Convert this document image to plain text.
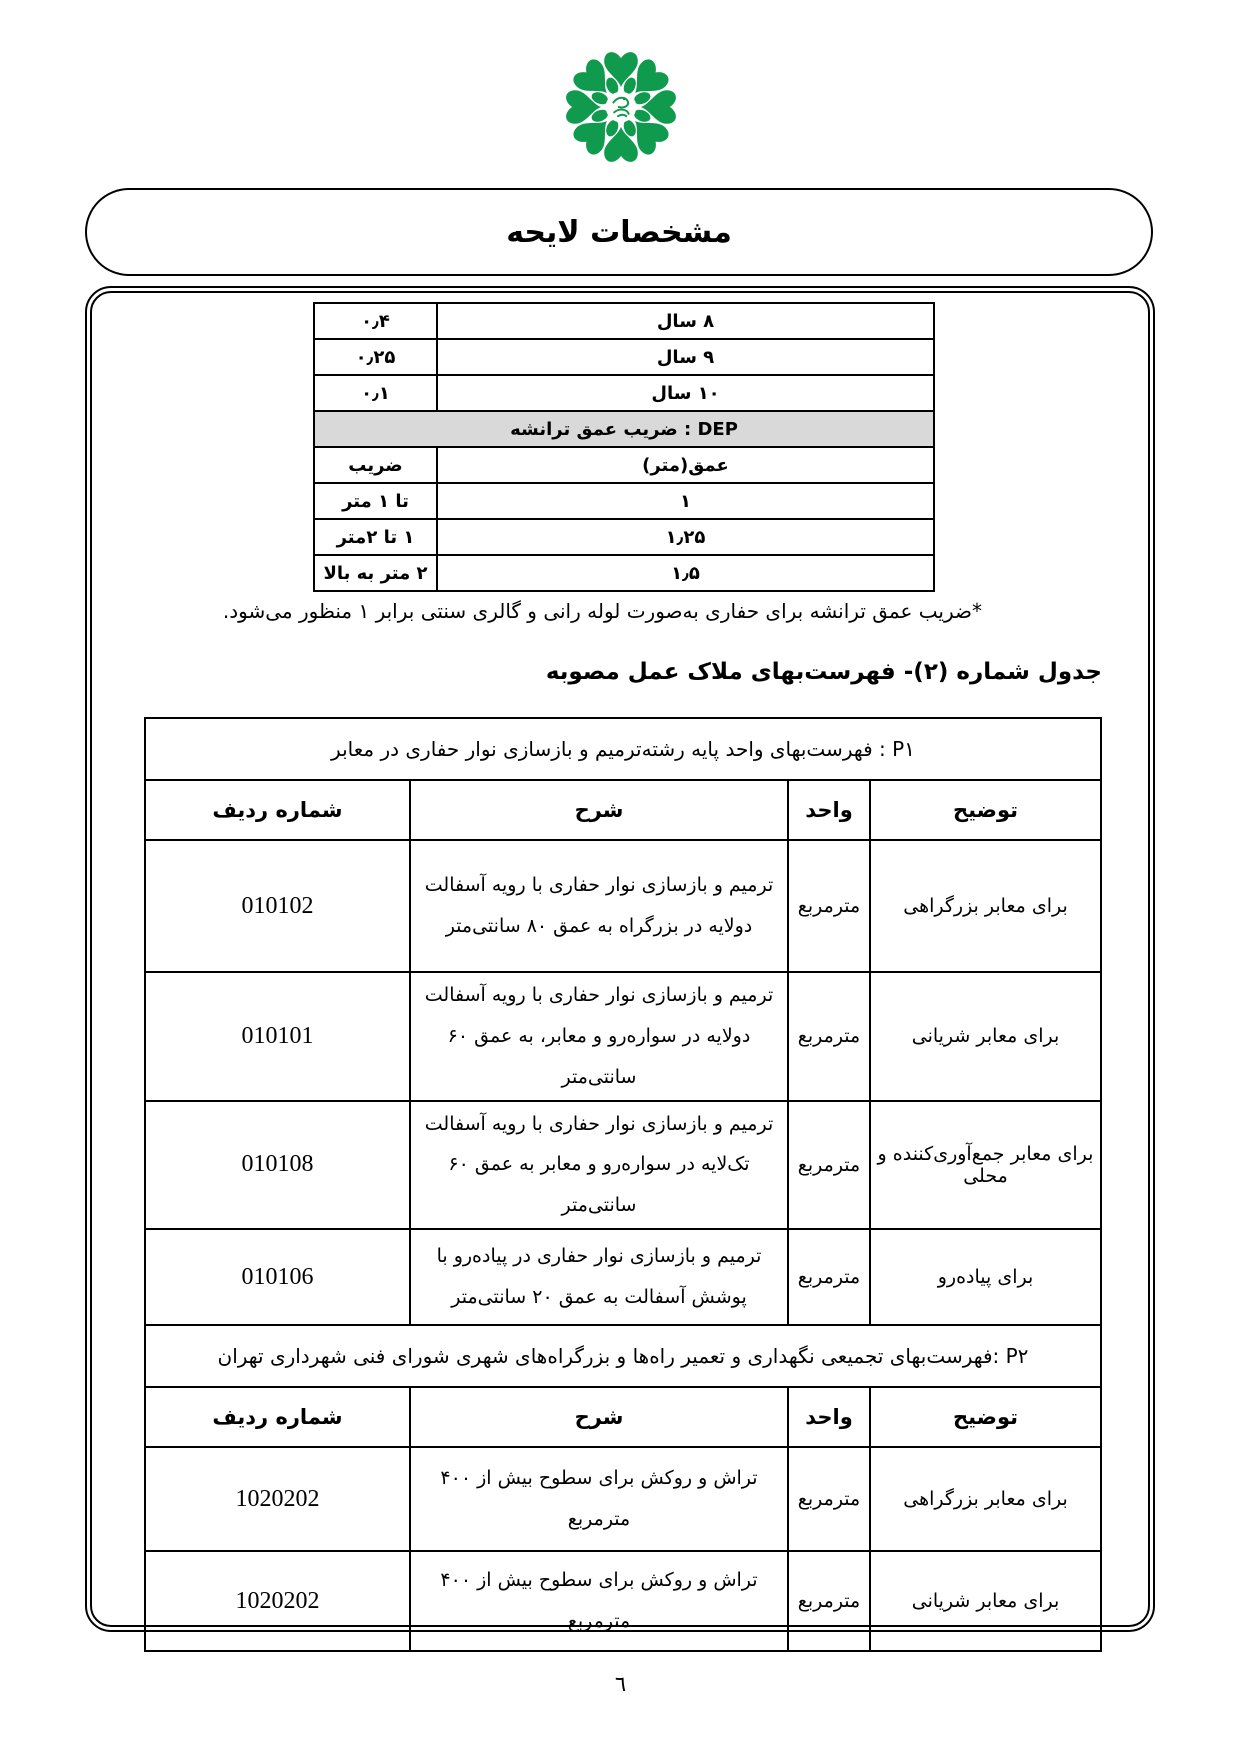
مشخصات لایحه
۸ سال	۰٫۴
۹ سال	۰٫۲۵
۱۰ سال	۰٫۱
DEP : ضریب عمق ترانشه	
عمق(متر)	ضریب
۱	تا ۱ متر
۱٫۲۵	۱ تا ۲متر
۱٫۵	۲ متر به بالا
*ضریب عمق ترانشه برای حفاری به‌صورت لوله رانی و گالری سنتی برابر ۱ منظور می‌شود.
جدول شماره (۲)- فهرست‌بهای ملاک عمل مصوبه
P۱ : فهرست‌بهای واحد پایه رشته‌ترمیم و بازسازی نوار حفاری در معابر			
توضیح	واحد	شرح	شماره ردیف
برای معابر بزرگراهی	مترمربع	ترمیم و بازسازی نوار حفاری با رویه آسفالت دولایه در بزرگراه به عمق ۸۰ سانتی‌متر	010102
برای معابر شریانی	مترمربع	ترمیم و بازسازی نوار حفاری با رویه آسفالت دولایه در سواره‌رو و معابر، به عمق ۶۰ سانتی‌متر	010101
برای معابر جمع‌آوری‌کننده و محلی	مترمربع	ترمیم و بازسازی نوار حفاری با رویه آسفالت تک‌لایه در سواره‌رو و معابر به عمق ۶۰ سانتی‌متر	010108
برای پیاده‌رو	مترمربع	ترمیم و بازسازی نوار حفاری در پیاده‌رو با پوشش آسفالت به عمق ۲۰ سانتی‌متر	010106
P۲ :فهرست‌بهای تجمیعی نگهداری و تعمیر راه‌ها و بزرگراه‌های شهری شورای فنی شهرداری تهران			
توضیح	واحد	شرح	شماره ردیف
برای معابر بزرگراهی	مترمربع	تراش و روکش برای سطوح بیش از ۴۰۰ مترمربع	1020202
برای معابر شریانی	مترمربع	تراش و روکش برای سطوح بیش از ۴۰۰ مترمربع	1020202
٦
